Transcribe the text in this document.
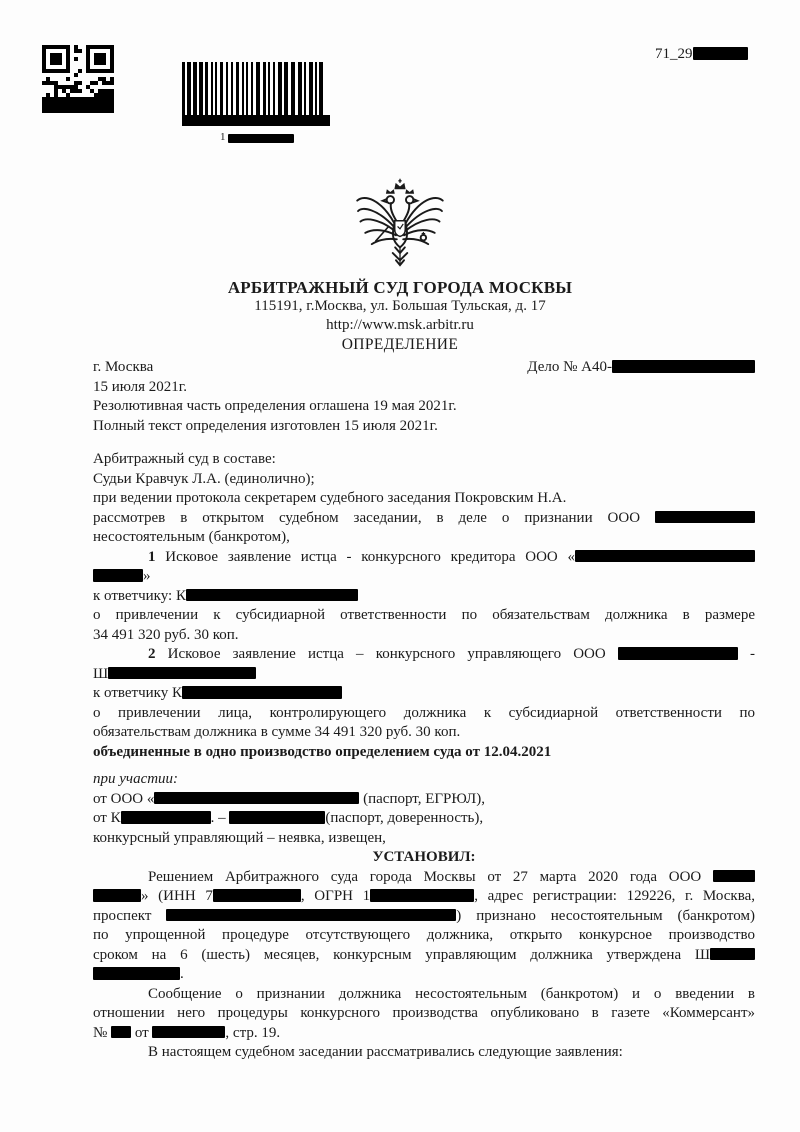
1
71_29
АРБИТРАЖНЫЙ СУД ГОРОДА МОСКВЫ
115191, г.Москва, ул. Большая Тульская, д. 17
http://www.msk.arbitr.ru
ОПРЕДЕЛЕНИЕ
г. Москва	Дело № А40-
15 июля 2021г.
Резолютивная часть определения оглашена 19 мая 2021г.
Полный текст определения изготовлен 15 июля 2021г.
Арбитражный суд в составе:
Судьи Кравчук Л.А. (единолично);
при ведении протокола секретарем судебного заседания Покровским Н.А.
рассмотрев в открытом судебном заседании, в деле о признании ООО
несостоятельным (банкротом),
1 Исковое заявление истца - конкурсного кредитора ООО «
»
к ответчику: К
о привлечении к субсидиарной ответственности по обязательствам должника в размере
34 491 320 руб. 30 коп.
2 Исковое заявление истца – конкурсного управляющего ООО	-
Ш
к ответчику К
о привлечении лица, контролирующего должника к субсидиарной ответственности по
обязательствам должника в сумме 34 491 320 руб. 30 коп.
объединенные в одно производство определением суда от 12.04.2021
при участии:
от ООО «	(паспорт, ЕГРЮЛ),
от К	. –	(паспорт, доверенность),
конкурсный управляющий – неявка, извещен,
УСТАНОВИЛ:
Решением Арбитражного суда города Москвы от 27 марта 2020 года ООО
» (ИНН 7	, ОГРН 1	, адрес регистрации: 129226, г. Москва,
проспект	) признано несостоятельным (банкротом)
по упрощенной процедуре отсутствующего должника, открыто конкурсное производство
сроком на 6 (шесть) месяцев, конкурсным управляющим должника утверждена Ш
.
Сообщение о признании должника несостоятельным (банкротом) и о введении в
отношении него процедуры конкурсного производства опубликовано в газете «Коммерсант»
№  от	, стр. 19.
В настоящем судебном заседании рассматривались следующие заявления:
